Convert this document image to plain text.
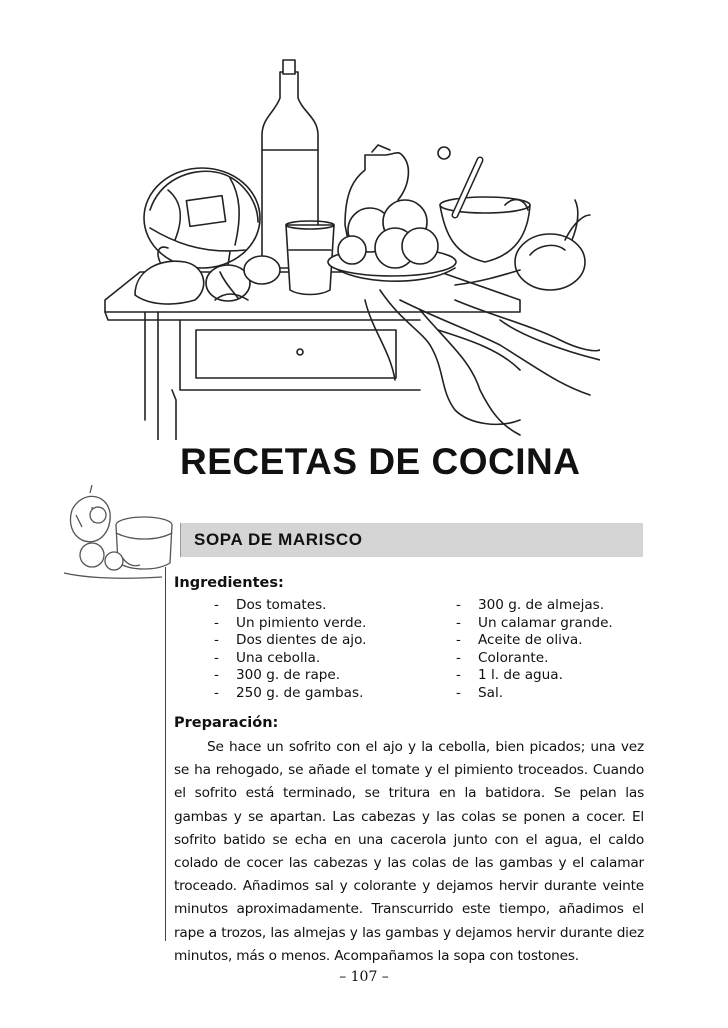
RECETAS DE COCINA
SOPA DE MARISCO

Ingredientes:

- Dos tomates.
- Un pimiento verde.
- Dos dientes de ajo.
- Una cebolla.
- 300 g. de rape.
- 250 g. de gambas.
- 300 g. de almejas.
- Un calamar grande.
- Aceite de oliva.
- Colorante.
- 1 l. de agua.
- Sal.

Preparación:

Se hace un sofrito con el ajo y la cebolla, bien picados; una vez se ha rehogado, se añade el tomate y el pimiento troceados. Cuando el sofrito está terminado, se tritura en la batidora. Se pelan las gambas y se apartan. Las cabezas y las colas se ponen a cocer. El sofrito batido se echa en una cacerola junto con el agua, el caldo colado de cocer las cabezas y las colas de las gambas y el calamar troceado. Añadimos sal y colorante y dejamos hervir durante veinte minutos aproximadamente. Transcurrido este tiempo, añadimos el rape a trozos, las almejas y las gambas y dejamos hervir durante diez minutos, más o menos. Acompañamos la sopa con tostones.

– 107 –
